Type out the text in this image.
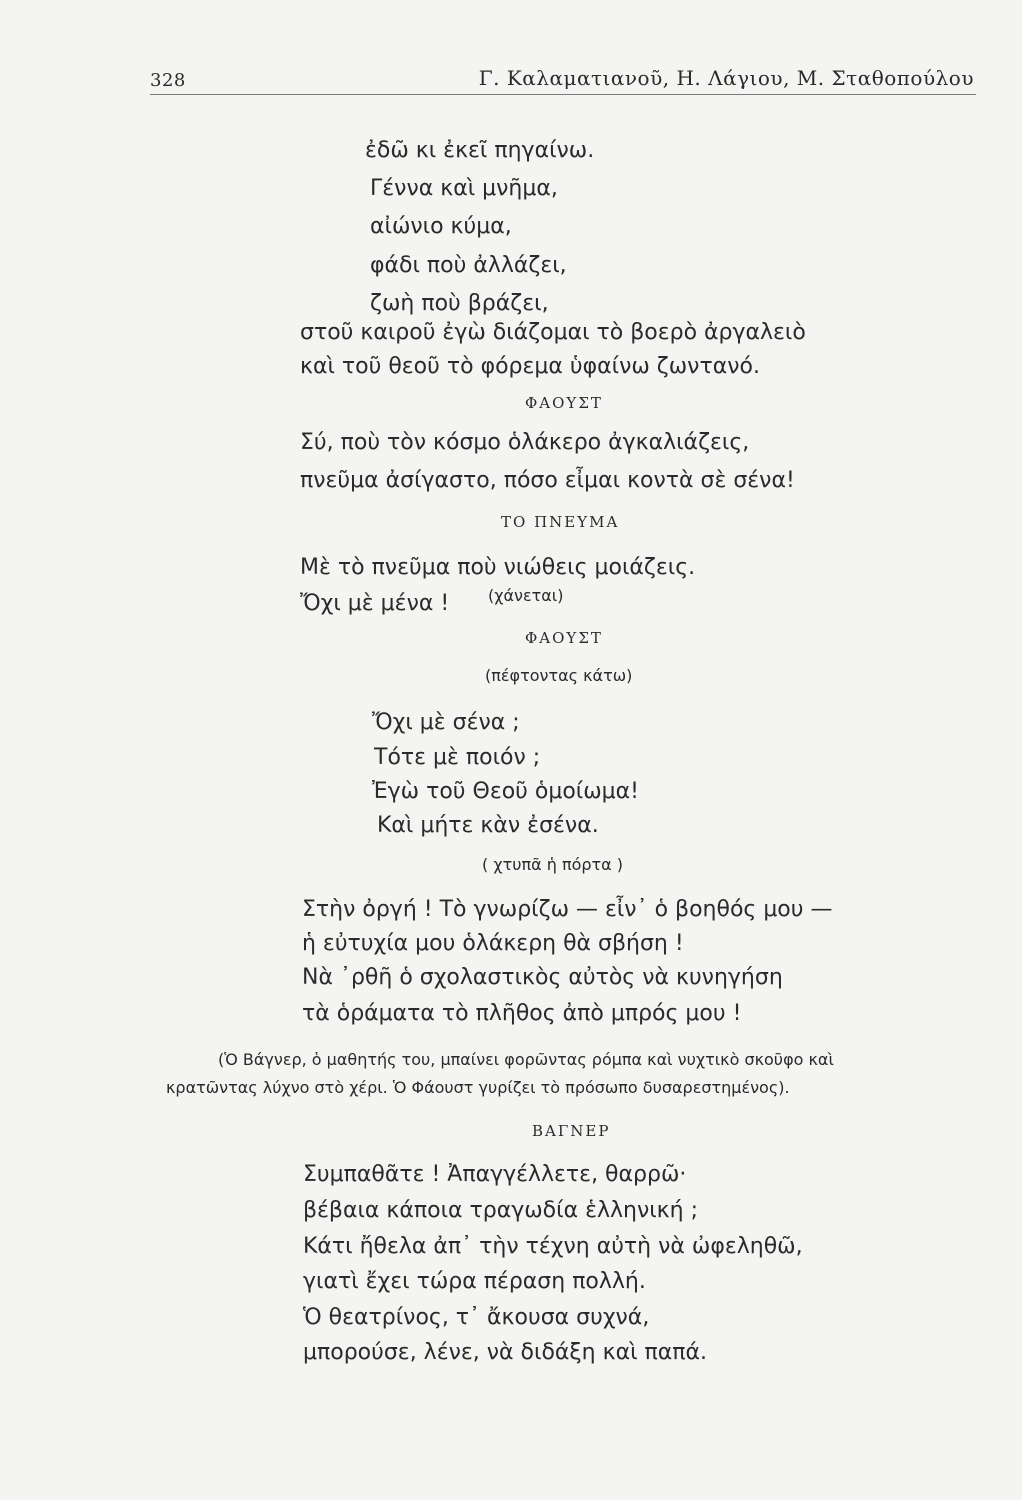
328	Γ. Καλαματιανοῦ, Η. Λάγιου, Μ. Σταθοπούλου
ἐδῶ κι ἐκεῖ πηγαίνω.
Γέννα καὶ μνῆμα,
αἰώνιο κύμα,
φάδι ποὺ ἀλλάζει,
ζωὴ ποὺ βράζει,
στοῦ καιροῦ ἐγὼ διάζομαι τὸ βοερὸ ἀργαλειὸ
καὶ τοῦ θεοῦ τὸ φόρεμα ὑφαίνω ζωντανό.
ΦΑΟΥΣΤ
Σύ, ποὺ τὸν κόσμο ὁλάκερο ἀγκαλιάζεις,
πνεῦμα ἀσίγαστο, πόσο εἶμαι κοντὰ σὲ σένα!
ΤΟ ΠΝΕΥΜΑ
Μὲ τὸ πνεῦμα ποὺ νιώθεις μοιάζεις.
Ὄχι μὲ μένα ! (χάνεται)
ΦΑΟΥΣΤ
(πέφτοντας κάτω)
Ὄχι μὲ σένα ;
Τότε μὲ ποιόν ;
Ἐγὼ τοῦ Θεοῦ ὁμοίωμα!
Καὶ μήτε κὰν ἐσένα.
( χτυπᾶ ἡ πόρτα )
Στὴν ὀργή ! Τὸ γνωρίζω — εἶν᾽ ὁ βοηθός μου —
ἡ εὐτυχία μου ὁλάκερη θὰ σβήση !
Νὰ ᾽ρθῆ ὁ σχολαστικὸς αὐτὸς νὰ κυνηγήση
τὰ ὁράματα τὸ πλῆθος ἀπὸ μπρός μου !
(Ὁ Βάγνερ, ὁ μαθητής του, μπαίνει φορῶντας ρόμπα καὶ νυχτικὸ σκοῦφο καὶ
κρατῶντας λύχνο στὸ χέρι. Ὁ Φάουστ γυρίζει τὸ πρόσωπο δυσαρεστημένος).
ΒΑΓΝΕΡ
Συμπαθᾶτε ! Ἀπαγγέλλετε, θαρρῶ·
βέβαια κάποια τραγωδία ἑλληνική ;
Κάτι ἤθελα ἀπ᾽ τὴν τέχνη αὐτὴ νὰ ὠφεληθῶ,
γιατὶ ἔχει τώρα πέραση πολλή.
Ὁ θεατρίνος, τ᾽ ἄκουσα συχνά,
μπορούσε, λένε, νὰ διδάξη καὶ παπά.
